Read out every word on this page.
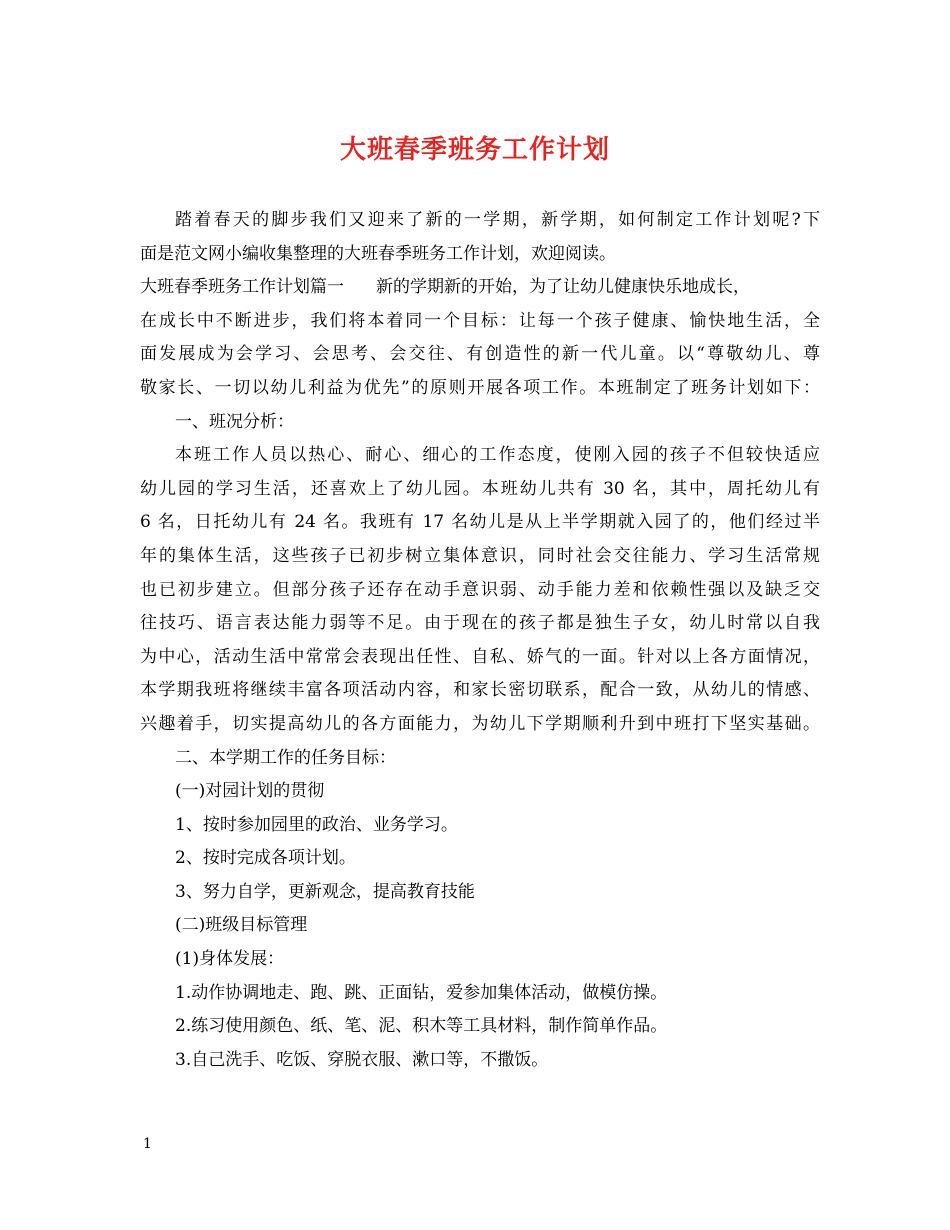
大班春季班务工作计划
踏着春天的脚步我们又迎来了新的一学期，新学期，如何制定工作计划呢?下
面是范文网小编收集整理的大班春季班务工作计划，欢迎阅读。
大班春季班务工作计划篇一 新的学期新的开始，为了让幼儿健康快乐地成长，
在成长中不断进步，我们将本着同一个目标：让每一个孩子健康、愉快地生活，全
面发展成为会学习、会思考、会交往、有创造性的新一代儿童。以“尊敬幼儿、尊
敬家长、一切以幼儿利益为优先”的原则开展各项工作。本班制定了班务计划如下：
一、班况分析：
本班工作人员以热心、耐心、细心的工作态度，使刚入园的孩子不但较快适应
幼儿园的学习生活，还喜欢上了幼儿园。本班幼儿共有 30 名，其中，周托幼儿有
6 名，日托幼儿有 24 名。我班有 17 名幼儿是从上半学期就入园了的，他们经过半
年的集体生活，这些孩子已初步树立集体意识，同时社会交往能力、学习生活常规
也已初步建立。但部分孩子还存在动手意识弱、动手能力差和依赖性强以及缺乏交
往技巧、语言表达能力弱等不足。由于现在的孩子都是独生子女，幼儿时常以自我
为中心，活动生活中常常会表现出任性、自私、娇气的一面。针对以上各方面情况，
本学期我班将继续丰富各项活动内容，和家长密切联系，配合一致，从幼儿的情感、
兴趣着手，切实提高幼儿的各方面能力，为幼儿下学期顺利升到中班打下坚实基础。
二、本学期工作的任务目标：
(一)对园计划的贯彻
1、按时参加园里的政治、业务学习。
2、按时完成各项计划。
3、努力自学，更新观念，提高教育技能
(二)班级目标管理
(1)身体发展：
1.动作协调地走、跑、跳、正面钻，爱参加集体活动，做模仿操。
2.练习使用颜色、纸、笔、泥、积木等工具材料，制作简单作品。
3.自己洗手、吃饭、穿脱衣服、漱口等，不撒饭。
1
